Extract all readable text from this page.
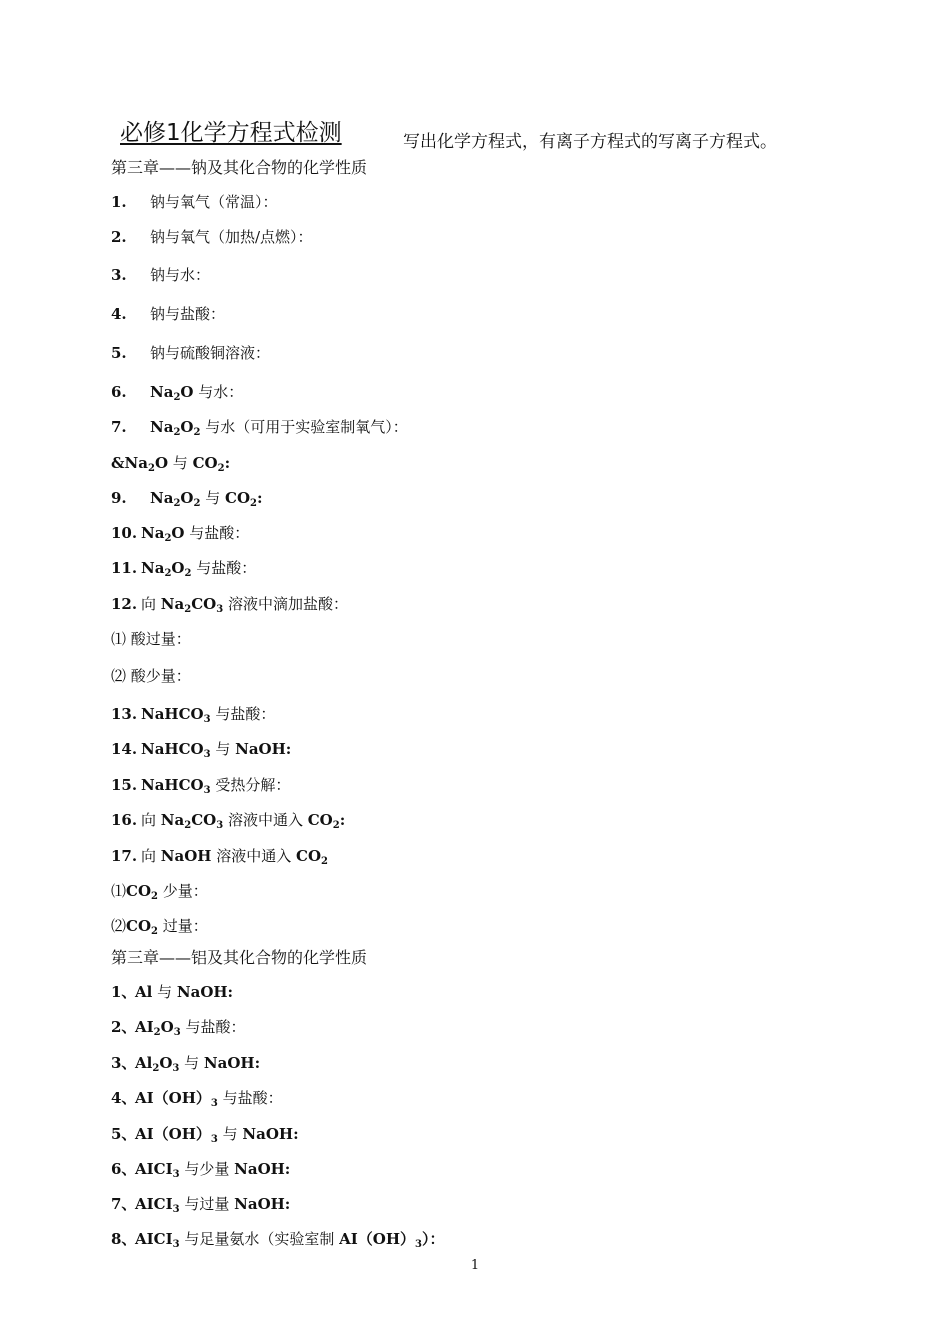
必修1化学方程式检测	写出化学方程式，有离子方程式的写离子方程式。
第三章——钠及其化合物的化学性质
1. 钠与氧气（常温）：
2. 钠与氧气（加热/点燃）：
3. 钠与水：
4. 钠与盐酸：
5. 钠与硫酸铜溶液：
6. $Na_2O$ 与水：
7. $Na_2O_2$ 与水（可用于实验室制氧气）：
$\&Na_2O$ 与 $CO_2$:
9. $Na_2O_2$ 与 $CO_2$:
10. $Na_2O$ 与盐酸：
11. $Na_2O_2$ 与盐酸：
12. 向 $Na_2CO_3$ 溶液中滴加盐酸：
⑴ 酸过量：
⑵ 酸少量：
13. NaHCO$_3$ 与盐酸：
14. NaHCO$_3$ 与 NaOH:
15. NaHCO$_3$ 受热分解：
16. 向 $Na_2CO_3$ 溶液中通入 $CO_2$:
17. 向 NaOH 溶液中通入 $CO_2$
$⑴CO_2$ 少量：
$⑵CO_2$ 过量：
第三章——铝及其化合物的化学性质
1、Al 与 NaOH:
2、$AI_2O_3$ 与盐酸：
3、$Al_2O_3$ 与 NaOH:
4、$AI(OH)_3$ 与盐酸：
5、$AI(OH)_3$ 与 NaOH:
6、$AICI_3$ 与少量 NaOH:
7、$AICI_3$ 与过量 NaOH:
8、$AICI_3$ 与足量氨水（实验室制 $AI(OH)_3$）：
1
